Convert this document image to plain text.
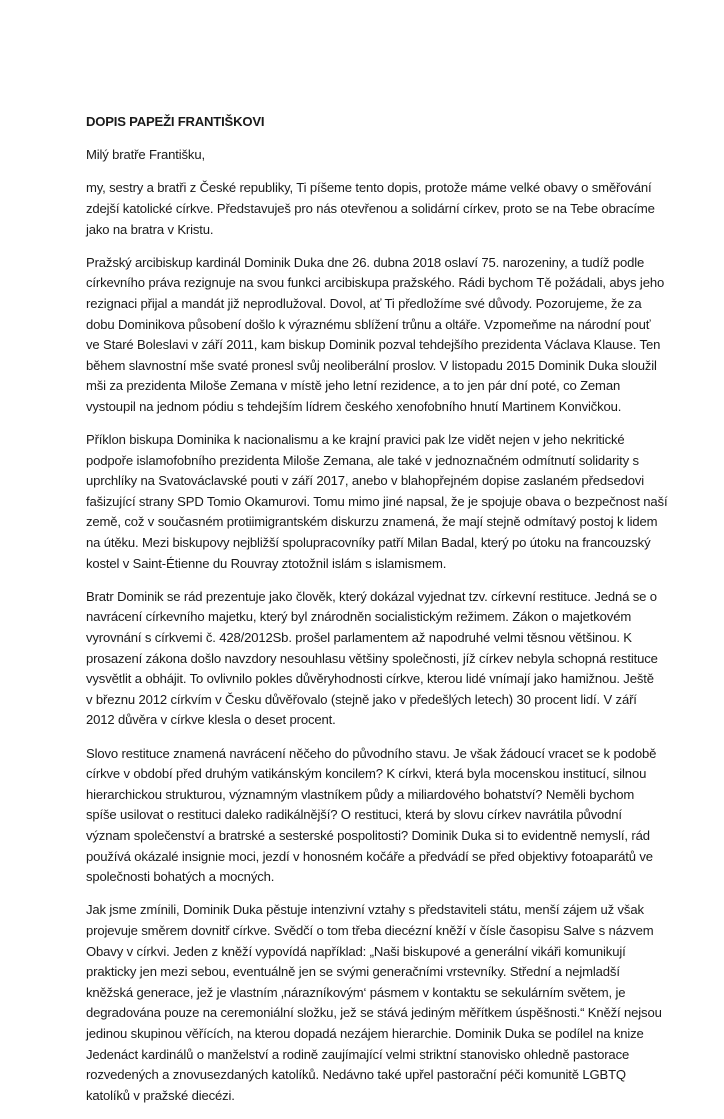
DOPIS PAPEŽI FRANTIŠKOVI
Milý bratře Františku,
my, sestry a bratři z České republiky, Ti píšeme tento dopis, protože máme velké obavy o směřování
zdejší katolické církve. Představuješ pro nás otevřenou a solidární církev, proto se na Tebe obracíme
jako na bratra v Kristu.
Pražský arcibiskup kardinál Dominik Duka dne 26. dubna 2018 oslaví 75. narozeniny, a tudíž podle
církevního práva rezignuje na svou funkci arcibiskupa pražského. Rádi bychom Tě požádali, abys jeho
rezignaci přijal a mandát již neprodlužoval. Dovol, ať Ti předložíme své důvody. Pozorujeme, že za
dobu Dominikova působení došlo k výraznému sblížení trůnu a oltáře. Vzpomeňme na národní pouť
ve Staré Boleslavi v září 2011, kam biskup Dominik pozval tehdejšího prezidenta Václava Klause. Ten
během slavnostní mše svaté pronesl svůj neoliberální proslov. V listopadu 2015 Dominik Duka sloužil
mši za prezidenta Miloše Zemana v místě jeho letní rezidence, a to jen pár dní poté, co Zeman
vystoupil na jednom pódiu s tehdejším lídrem českého xenofobního hnutí Martinem Konvičkou.
Příklon biskupa Dominika k nacionalismu a ke krajní pravici pak lze vidět nejen v jeho nekritické
podpoře islamofobního prezidenta Miloše Zemana, ale také v jednoznačném odmítnutí solidarity s
uprchlíky na Svatováclavské pouti v září 2017, anebo v blahopřejném dopise zaslaném předsedovi
fašizující strany SPD Tomio Okamurovi. Tomu mimo jiné napsal, že je spojuje obava o bezpečnost naší
země, což v současném protiimigrantském diskurzu znamená, že mají stejně odmítavý postoj k lidem
na útěku. Mezi biskupovy nejbližší spolupracovníky patří Milan Badal, který po útoku na francouzský
kostel v Saint-Étienne du Rouvray ztotožnil islám s islamismem.
Bratr Dominik se rád prezentuje jako člověk, který dokázal vyjednat tzv. církevní restituce. Jedná se o
navrácení církevního majetku, který byl znárodněn socialistickým režimem. Zákon o majetkovém
vyrovnání s církvemi č. 428/2012Sb. prošel parlamentem až napodruhé velmi těsnou většinou. K
prosazení zákona došlo navzdory nesouhlasu většiny společnosti, jíž církev nebyla schopná restituce
vysvětlit a obhájit. To ovlivnilo pokles důvěryhodnosti církve, kterou lidé vnímají jako hamižnou. Ještě
v březnu 2012 církvím v Česku důvěřovalo (stejně jako v předešlých letech) 30 procent lidí. V září
2012 důvěra v církve klesla o deset procent.
Slovo restituce znamená navrácení něčeho do původního stavu. Je však žádoucí vracet se k podobě
církve v období před druhým vatikánským koncilem? K církvi, která byla mocenskou institucí, silnou
hierarchickou strukturou, významným vlastníkem půdy a miliardového bohatství? Neměli bychom
spíše usilovat o restituci daleko radikálnější? O restituci, která by slovu církev navrátila původní
význam společenství a bratrské a sesterské pospolitosti? Dominik Duka si to evidentně nemyslí, rád
používá okázalé insignie moci, jezdí v honosném kočáře a předvádí se před objektivy fotoaparátů ve
společnosti bohatých a mocných.
Jak jsme zmínili, Dominik Duka pěstuje intenzivní vztahy s představiteli státu, menší zájem už však
projevuje směrem dovnitř církve. Svědčí o tom třeba diecézní kněží v čísle časopisu Salve s názvem
Obavy v církvi. Jeden z kněží vypovídá například: „Naši biskupové a generální vikáři komunikují
prakticky jen mezi sebou, eventuálně jen se svými generačními vrstevníky. Střední a nejmladší
kněžská generace, jež je vlastním ‚nárazníkovým‘ pásmem v kontaktu se sekulárním světem, je
degradována pouze na ceremoniální složku, jež se stává jediným měřítkem úspěšnosti.“ Kněží nejsou
jedinou skupinou věřících, na kterou dopadá nezájem hierarchie. Dominik Duka se podílel na knize
Jedenáct kardinálů o manželství a rodině zaujímající velmi striktní stanovisko ohledně pastorace
rozvedených a znovusezdaných katolíků. Nedávno také upřel pastorační péči komunitě LGBTQ
katolíků v pražské diecézi.
